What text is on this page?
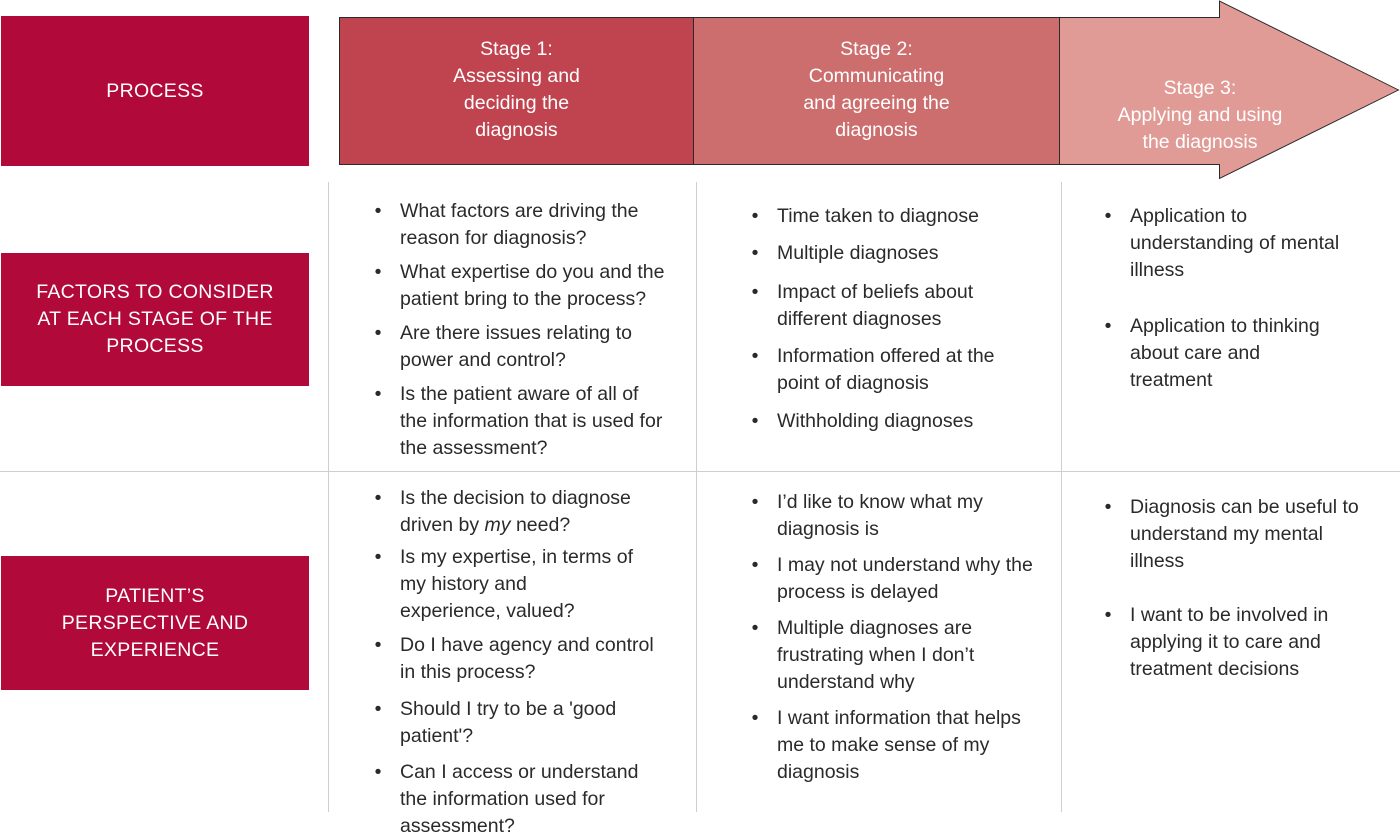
PROCESS
FACTORS TO CONSIDER
AT EACH STAGE OF THE
PROCESS
PATIENT’S
PERSPECTIVE AND
EXPERIENCE
Stage 1:
Assessing and
deciding the
diagnosis
Stage 2:
Communicating
and agreeing the
diagnosis
Stage 3:
Applying and using
the diagnosis
• What factors are driving the
reason for diagnosis?
• What expertise do you and the
patient bring to the process?
• Are there issues relating to
power and control?
• Is the patient aware of all of
the information that is used for
the assessment?
• Time taken to diagnose
• Multiple diagnoses
• Impact of beliefs about
different diagnoses
• Information offered at the
point of diagnosis
• Withholding diagnoses
• Application to
understanding of mental
illness
• Application to thinking
about care and
treatment
• Is the decision to diagnose
driven by my need?
• Is my expertise, in terms of
my history and
experience, valued?
• Do I have agency and control
in this process?
• Should I try to be a 'good patient'?
• Can I access or understand
the information used for
assessment?
• I’d like to know what my
diagnosis is
• I may not understand why the
process is delayed
• Multiple diagnoses are
frustrating when I don’t
understand why
• I want information that helps
me to make sense of my
diagnosis
• Diagnosis can be useful to
understand my mental
illness
• I want to be involved in
applying it to care and
treatment decisions
